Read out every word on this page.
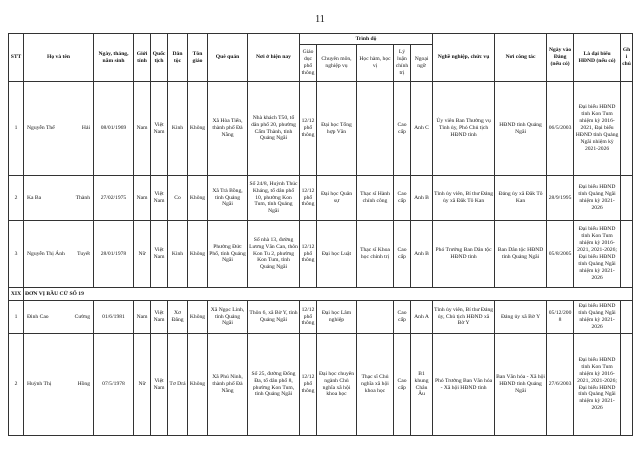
11
STT	Họ và tên	Ngày, tháng, năm sinh	Giới tính	Quốc tịch	Dân tộc	Tôn giáo	Quê quán	Nơi ở hiện nay	Trình độ					Nghề nghiệp, chức vụ	Nơi công tác	Ngày vào Đảng (nếu có)	Là đại biểu HĐND (nếu có)	Ghi chú
									Giáo dục phổ thông	Chuyên môn, nghiệp vụ	Học hàm, học vị	Lý luận chính trị	Ngoại ngữ					
1	Nguyễn Thế Hải	08/01/1969	Nam	Việt Nam	Kinh	Không	Xã Hòa Tiến, thành phố Đà Nẵng	Nhà khách T50, tổ dân phố 20, phường Cẩm Thành, tỉnh Quảng Ngãi	12/12 phổ thông	Đại học Tổng hợp Văn		Cao cấp	Anh C	Ủy viên Ban Thường vụ Tỉnh ủy, Phó Chủ tịch HĐND tỉnh	HĐND tỉnh Quảng Ngãi	06/5/2003	Đại biểu HĐND tỉnh Kon Tum nhiệm kỳ 2016-2021, Đại biểu HĐND tỉnh Quảng Ngãi nhiệm kỳ 2021-2026	
2	Ka Ba Thành	27/02/1975	Nam	Việt Nam	Co	Không	Xã Trà Bồng, tỉnh Quảng Ngãi	Số 24/8, Huỳnh Thúc Kháng, tổ dân phố 10, phường Kon Tum, tỉnh Quảng Ngãi	12/12 phổ thông	Đại học Quân sự	Thạc sĩ Hành chính công	Cao cấp	Anh B	Tỉnh ủy viên, Bí thư Đảng ủy xã Đăk Tô Kan	Đảng ủy xã Đăk Tô Kan	28/9/1995	Đại biểu HĐND tỉnh Quảng Ngãi nhiệm kỳ 2021-2026	
3	Nguyễn Thị Ánh Tuyết	28/01/1978	Nữ	Việt Nam	Kinh	Không	Phường Đức Phổ, tỉnh Quảng Ngãi	Số nhà 13, đường Lương Văn Can, thôn Kon Tu 2, phường Kon Tum, tỉnh Quảng Ngãi	12/12 phổ thông	Đại học Luật	Thạc sĩ Khoa học chính trị	Cao cấp	Anh B	Phó Trưởng Ban Dân tộc HĐND tỉnh	Ban Dân tộc HĐND tỉnh Quảng Ngãi	05/8/2005	Đại biểu HĐND tỉnh Kon Tum nhiệm kỳ 2016-2021, 2021-2026; Đại biểu HĐND tỉnh Quảng Ngãi nhiệm kỳ 2021-2026	
XIX	ĐƠN VỊ BẦU CỬ SỐ 19																	
1	Đinh Cao Cường	01/6/1981	Nam	Việt Nam	Xơ Đăng	Không	Xã Ngọc Linh, tỉnh Quảng Ngãi	Thôn 6, xã Bờ Y, tỉnh Quảng Ngãi	12/12 phổ thông	Đại học Lâm nghiệp		Cao cấp	Anh A	Tỉnh ủy viên, Bí thư Đảng ủy, Chủ tịch HĐND xã Bờ Y	Đảng ủy xã Bờ Y	05/12/2008	Đại biểu HĐND tỉnh Quảng Ngãi nhiệm kỳ 2021-2026	
2	Huỳnh Thị Hồng	07/5/1978	Nữ	Việt Nam	Tơ Drá	Không	Xã Phú Ninh, thành phố Đà Nẵng	Số 25, đường Đống Đa, tổ dân phố 8, phường Kon Tum, tỉnh Quảng Ngãi	12/12 phổ thông	Đại học chuyên ngành Chủ nghĩa xã hội khoa học	Thạc sĩ Chủ nghĩa xã hội khoa học	Cao cấp	B1 khung Châu Âu	Phó Trưởng Ban Văn hóa - Xã hội HĐND tỉnh	Ban Văn hóa - Xã hội HĐND tỉnh Quảng Ngãi	27/6/2003	Đại biểu HĐND tỉnh Kon Tum nhiệm kỳ 2016-2021, 2021-2026; Đại biểu HĐND tỉnh Quảng Ngãi nhiệm kỳ 2021-2026	
